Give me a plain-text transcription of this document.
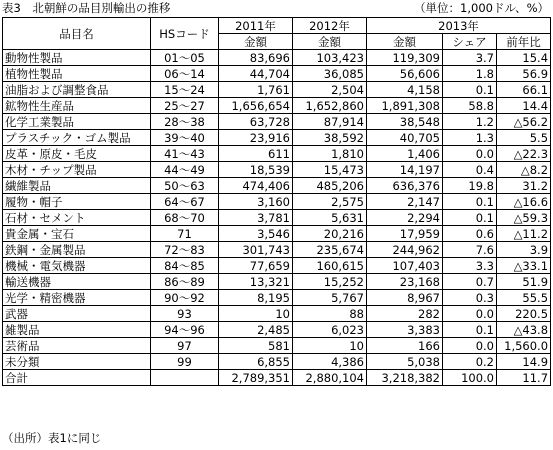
表3　北朝鮮の品目別輸出の推移	（単位：1,000ドル、%）
品目名	HSコード	2011年	2012年	2013年		
		金額	金額	金額	シェア	前年比
動物性製品	01～05	83,696	103,423	119,309	3.7	15.4
植物性製品	06～14	44,704	36,085	56,606	1.8	56.9
油脂および調整食品	15～24	1,761	2,504	4,158	0.1	66.1
鉱物性生産品	25～27	1,656,654	1,652,860	1,891,308	58.8	14.4
化学工業製品	28～38	63,728	87,914	38,548	1.2	△56.2
プラスチック・ゴム製品	39～40	23,916	38,592	40,705	1.3	5.5
皮革・原皮・毛皮	41～43	611	1,810	1,406	0.0	△22.3
木材・チップ製品	44～49	18,539	15,473	14,197	0.4	△8.2
繊維製品	50～63	474,406	485,206	636,376	19.8	31.2
履物・帽子	64～67	3,160	2,575	2,147	0.1	△16.6
石材・セメント	68～70	3,781	5,631	2,294	0.1	△59.3
貴金属・宝石	71	3,546	20,216	17,959	0.6	△11.2
鉄鋼・金属製品	72～83	301,743	235,674	244,962	7.6	3.9
機械・電気機器	84～85	77,659	160,615	107,403	3.3	△33.1
輸送機器	86～89	13,321	15,252	23,168	0.7	51.9
光学・精密機器	90～92	8,195	5,767	8,967	0.3	55.5
武器	93	10	88	282	0.0	220.5
雑製品	94～96	2,485	6,023	3,383	0.1	△43.8
芸術品	97	581	10	166	0.0	1,560.0
未分類	99	6,855	4,386	5,038	0.2	14.9
合計		2,789,351	2,880,104	3,218,382	100.0	11.7
（出所）表1に同じ
